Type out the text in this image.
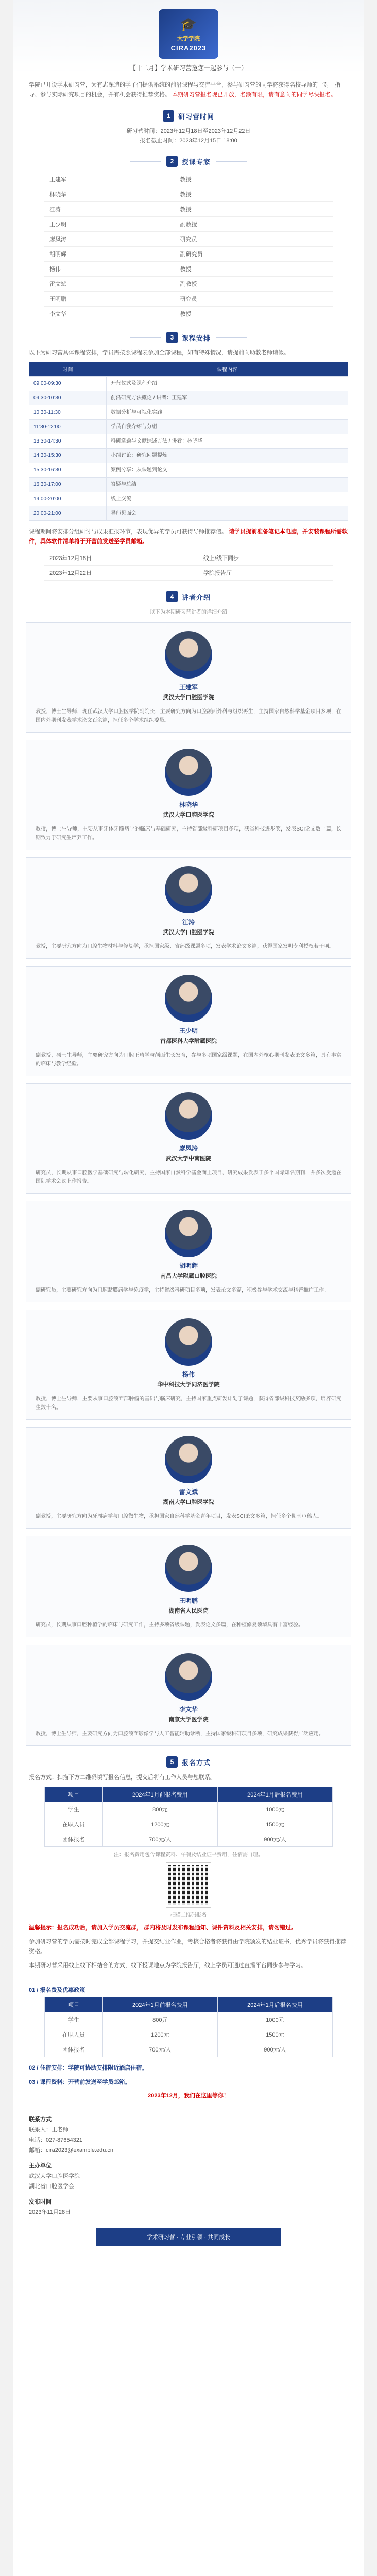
🎓
大学学院
CIRA2023
【十二月】学术研习营邀您一起参与（一）
学院已开设学术研习营，为有志深造的学子们提供系统的前沿课程与交流平台，参与研习营的同学将获得名校导师的一对一指导、参与实际研究项目的机会，并有机会获得推荐资格。 本期研习营报名现已开放，名额有限，请有意向的同学尽快报名。
1	研习营时间
研习营时间：2023年12月18日至2023年12月22日
报名截止时间：2023年12月15日 18:00
2	授课专家
王建军	教授
林晓华	教授
江涛	教授
王少明	副教授
廖凤涛	研究员
胡明辉	副研究员
杨伟	教授
雷文斌	副教授
王明鹏	研究员
李文华	教授
3	课程安排
以下为研习营具体课程安排，学员需按照课程表参加全部课程，如有特殊情况，请提前向助教老师请假。
时间	课程内容
09:00-09:30	开营仪式及课程介绍
09:30-10:30	前沿研究方法概论 / 讲者：王建军
10:30-11:30	数据分析与可视化实践
11:30-12:00	学员自我介绍与分组
13:30-14:30	科研选题与文献综述方法 / 讲者：林晓华
14:30-15:30	小组讨论：研究问题提炼
15:30-16:30	案例分享：从课题到论文
16:30-17:00	答疑与总结
19:00-20:00	线上交流
20:00-21:00	导师见面会
课程期间将安排分组研讨与成果汇报环节，表现优异的学员可获得导师推荐信。 请学员提前准备笔记本电脑，并安装课程所需软件，具体软件清单将于开营前发送至学员邮箱。
2023年12月18日	线上/线下同步
2023年12月22日	学院报告厅
4	讲者介绍
以下为本期研习营讲者的详细介绍
王建军
武汉大学口腔医学院
教授，博士生导师，现任武汉大学口腔医学院副院长，主要研究方向为口腔颌面外科与组织再生，主持国家自然科学基金项目多项，在国内外期刊发表学术论文百余篇，担任多个学术组织委员。
林晓华
武汉大学口腔医学院
教授，博士生导师，主要从事牙体牙髓病学的临床与基础研究，主持省部级科研项目多项，获省科技进步奖，发表SCI论文数十篇，长期致力于研究生培养工作。
江涛
武汉大学口腔医学院
教授，主要研究方向为口腔生物材料与修复学，承担国家级、省部级课题多项，发表学术论文多篇，获得国家发明专利授权若干项。
王少明
首都医科大学附属医院
副教授，硕士生导师，主要研究方向为口腔正畸学与颅面生长发育，参与多项国家级课题，在国内外核心期刊发表论文多篇，具有丰富的临床与教学经验。
廖凤涛
武汉大学中南医院
研究员，长期从事口腔医学基础研究与转化研究，主持国家自然科学基金面上项目，研究成果发表于多个国际知名期刊，并多次受邀在国际学术会议上作报告。
胡明辉
南昌大学附属口腔医院
副研究员，主要研究方向为口腔黏膜病学与免疫学，主持省级科研项目多项，发表论文多篇，积极参与学术交流与科普推广工作。
杨伟
华中科技大学同济医学院
教授，博士生导师，主要从事口腔颌面部肿瘤的基础与临床研究，主持国家重点研发计划子课题，获得省部级科技奖励多项，培养研究生数十名。
雷文斌
湖南大学口腔医学院
副教授，主要研究方向为牙周病学与口腔微生物，承担国家自然科学基金青年项目，发表SCI论文多篇，担任多个期刊审稿人。
王明鹏
湖南省人民医院
研究员，长期从事口腔种植学的临床与研究工作，主持多项省级课题，发表论文多篇，在种植修复领域具有丰富经验。
李文华
南京大学医学院
教授，博士生导师，主要研究方向为口腔颌面影像学与人工智能辅助诊断，主持国家级科研项目多项，研究成果获得广泛应用。
5	报名方式
报名方式：扫描下方二维码填写报名信息，提交后将有工作人员与您联系。
项目	2024年1月前报名费用	2024年1月后报名费用
学生	800元	1000元
在职人员	1200元	1500元
团体报名	700元/人	900元/人
注：报名费用包含课程资料、午餐及结业证书费用，住宿需自理。
扫描二维码报名
温馨提示：报名成功后，请加入学员交流群， 群内将及时发布课程通知、课件资料及相关安排，请勿错过。
参加研习营的学员需按时完成全部课程学习，并提交结业作业，考核合格者将获得由学院颁发的结业证书，优秀学员将获得推荐资格。
本期研习营采用线上线下相结合的方式，线下授课地点为学院报告厅，线上学员可通过直播平台同步参与学习。
01 / 报名费及优惠政策
项目	2024年1月前报名费用	2024年1月后报名费用
学生	800元	1000元
在职人员	1200元	1500元
团体报名	700元/人	900元/人
02 / 住宿安排：学院可协助安排附近酒店住宿。
03 / 课程资料：开营前发送至学员邮箱。
2023年12月，我们在这里等你！
联系方式
联系人：王老师
电话：027-87654321
邮箱：cira2023@example.edu.cn
主办单位
武汉大学口腔医学院
湖北省口腔医学会
发布时间
2023年11月28日
学术研习营 · 专业引领 · 共同成长
